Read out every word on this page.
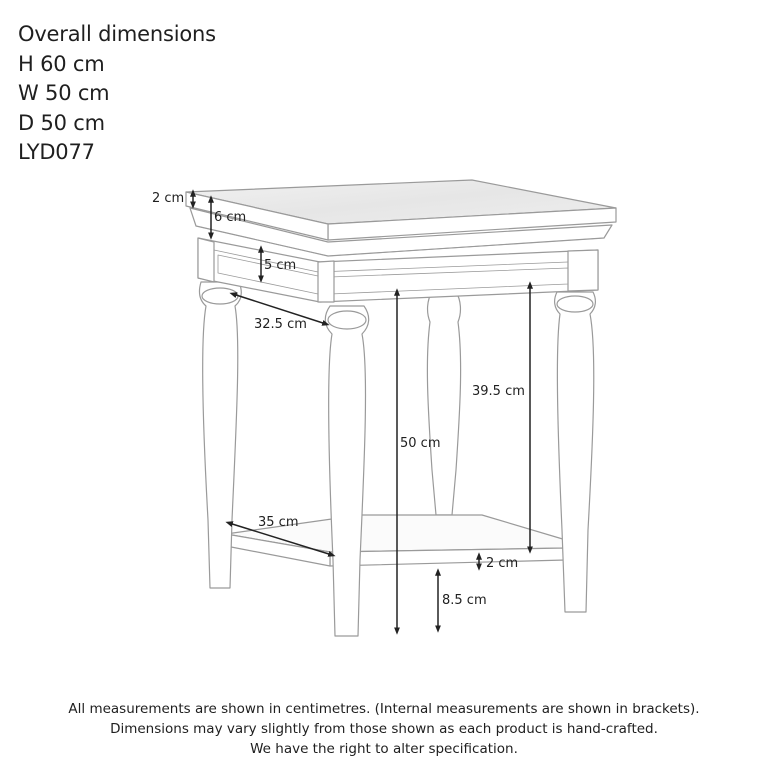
Overall dimensions
H 60 cm
W 50 cm
D 50 cm
LYD077
2 cm
6 cm
5 cm
32.5 cm
50 cm
39.5 cm
35 cm
2 cm
8.5 cm
All measurements are shown in centimetres. (Internal measurements are shown in brackets).
Dimensions may vary slightly from those shown as each product is hand-crafted.
We have the right to alter specification.
